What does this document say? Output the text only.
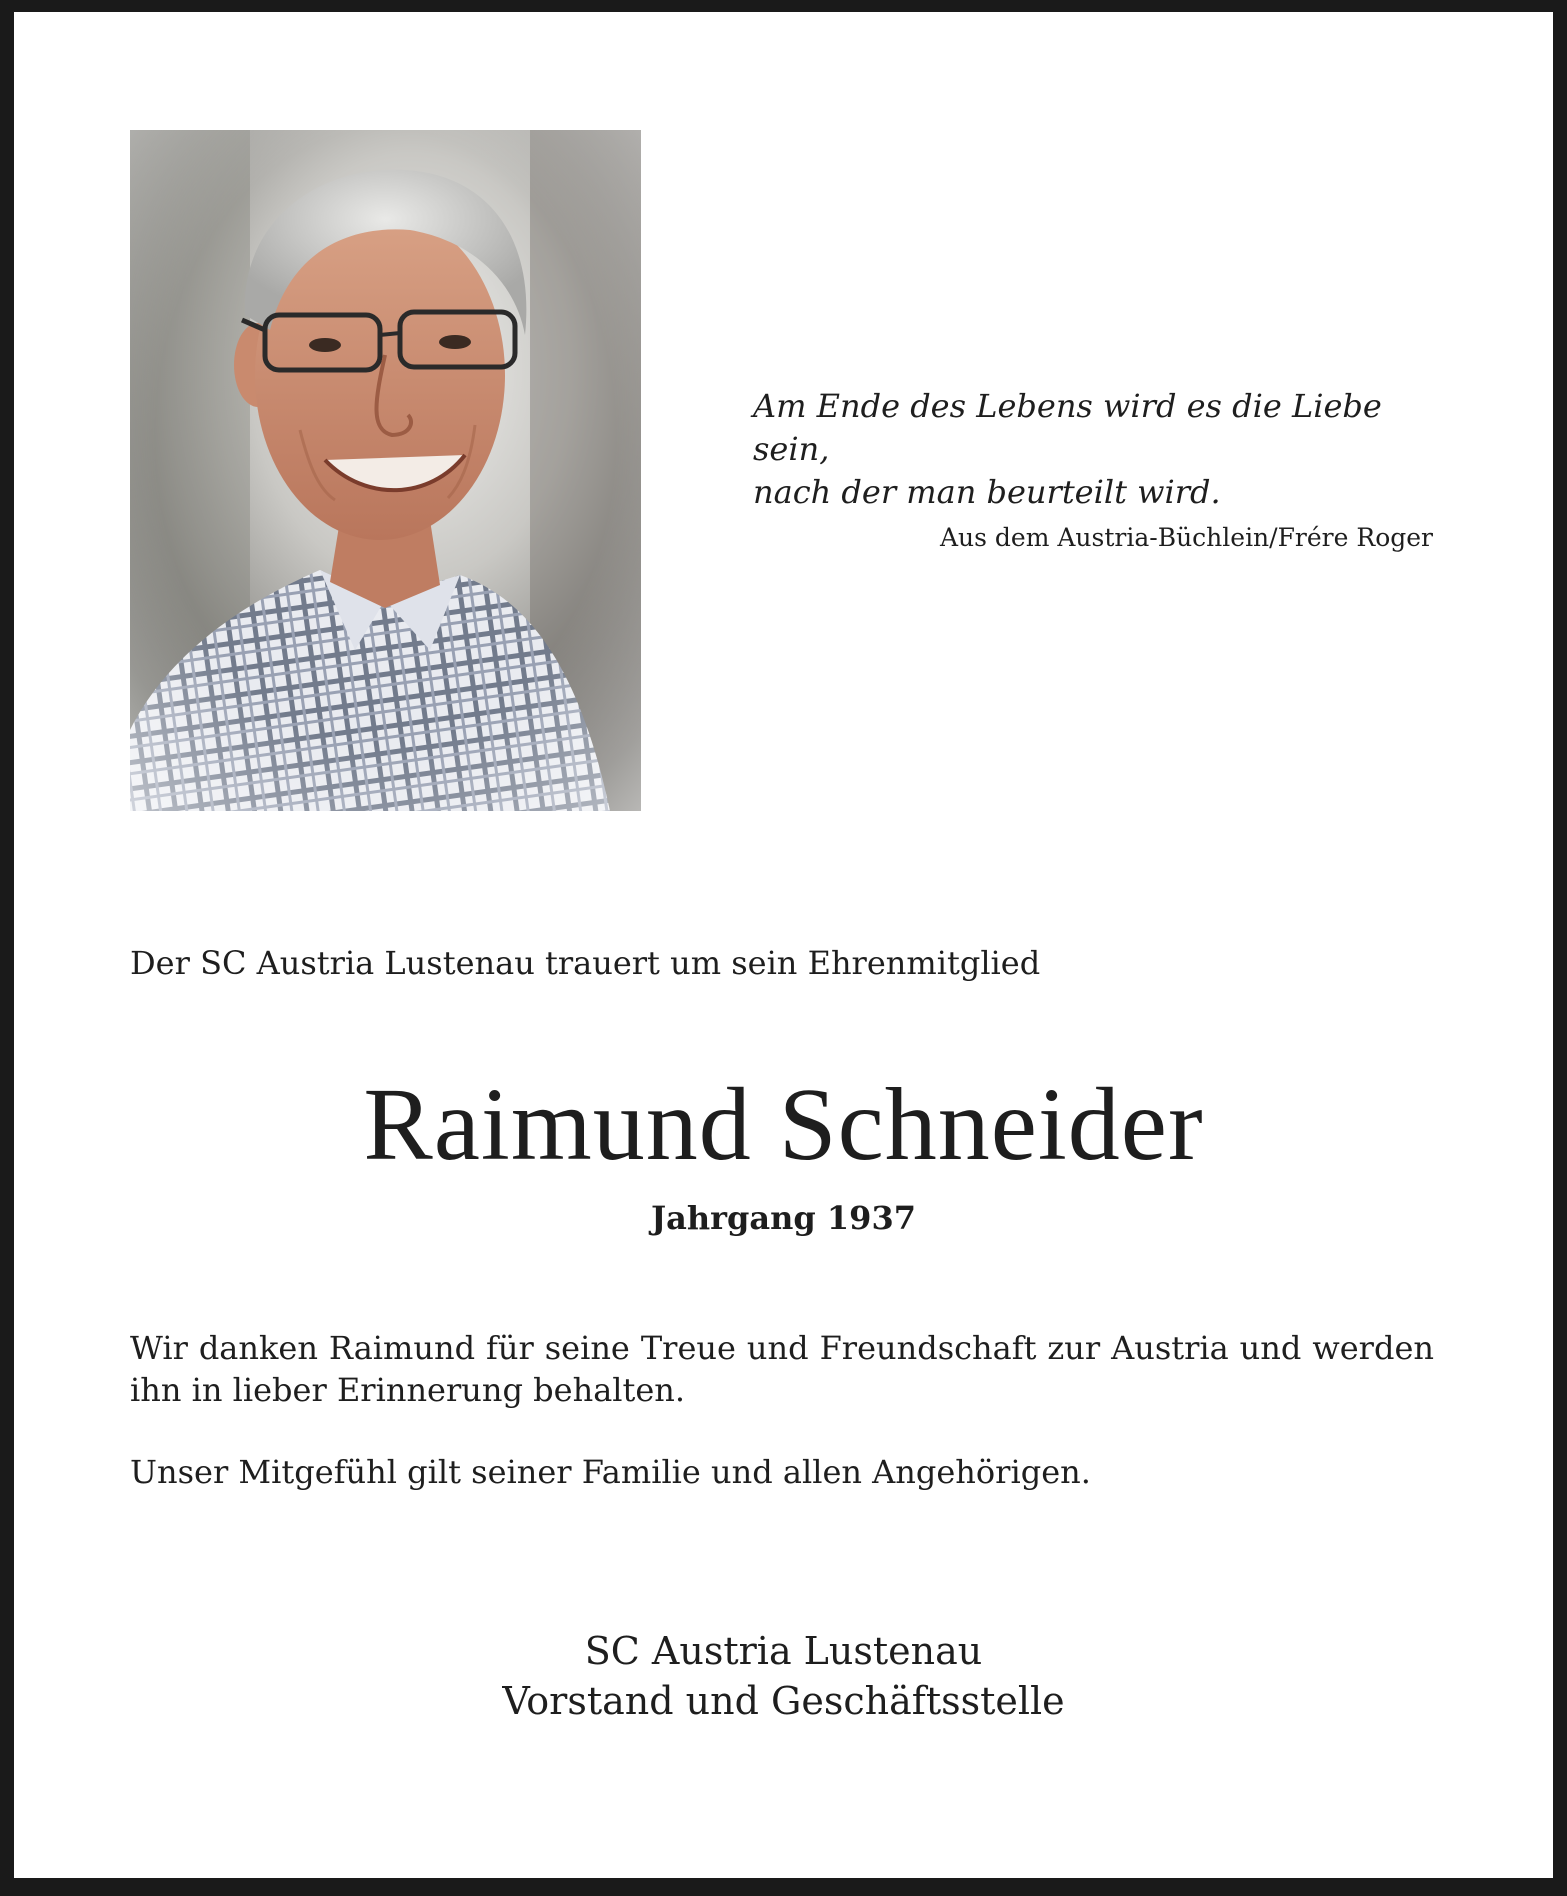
Am Ende des Lebens wird es die Liebe sein,
nach der man beurteilt wird.
Aus dem Austria-Büchlein/Frére Roger
Der SC Austria Lustenau trauert um sein Ehrenmitglied
Raimund Schneider
Jahrgang 1937

Wir danken Raimund für seine Treue und Freundschaft zur Austria und werden ihn in lieber Erinnerung behalten.

Unser Mitgefühl gilt seiner Familie und allen Angehörigen.

SC Austria Lustenau
Vorstand und Geschäftsstelle
